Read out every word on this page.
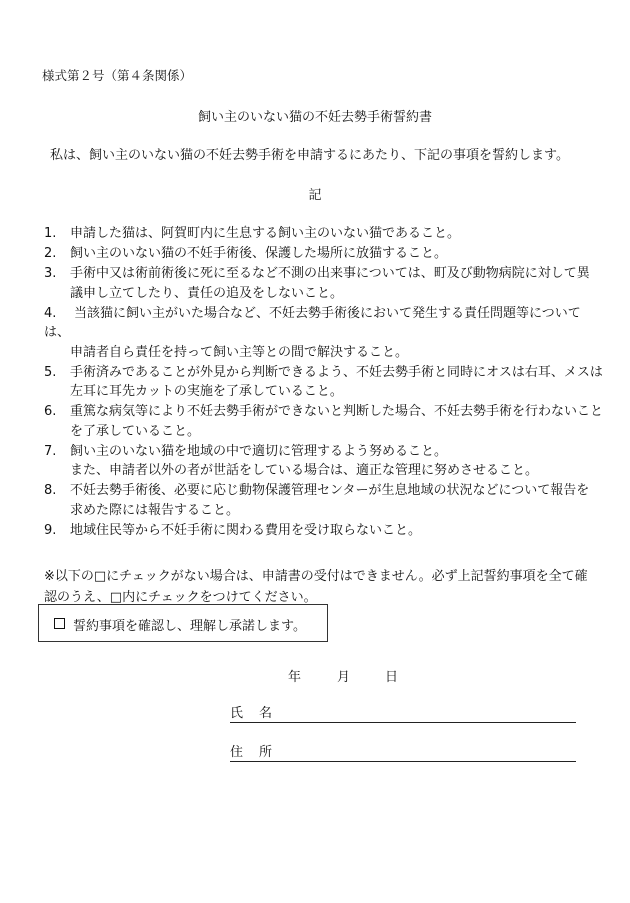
様式第２号（第４条関係）
飼い主のいない猫の不妊去勢手術誓約書
私は、飼い主のいない猫の不妊去勢手術を申請するにあたり、下記の事項を誓約します。
記
1.	申請した猫は、阿賀町内に生息する飼い主のいない猫であること。
2.	飼い主のいない猫の不妊手術後、保護した場所に放猫すること。
3.	手術中又は術前術後に死に至るなど不測の出来事については、町及び動物病院に対して異
議申し立てしたり、責任の追及をしないこと。
4.	当該猫に飼い主がいた場合など、不妊去勢手術後において発生する責任問題等について
は、
申請者自ら責任を持って飼い主等との間で解決すること。
5.	手術済みであることが外見から判断できるよう、不妊去勢手術と同時にオスは右耳、メスは
左耳に耳先カットの実施を了承していること。
6.	重篤な病気等により不妊去勢手術ができないと判断した場合、不妊去勢手術を行わないこと
を了承していること。
7.	飼い主のいない猫を地域の中で適切に管理するよう努めること。
また、申請者以外の者が世話をしている場合は、適正な管理に努めさせること。
8.	不妊去勢手術後、必要に応じ動物保護管理センターが生息地域の状況などについて報告を
求めた際には報告すること。
9.	地域住民等から不妊手術に関わる費用を受け取らないこと。
※以下の□にチェックがない場合は、申請書の受付はできません。必ず上記誓約事項を全て確
認のうえ、□内にチェックをつけてください。
誓約事項を確認し、理解し承諾します。
年	月	日
氏名
住所
